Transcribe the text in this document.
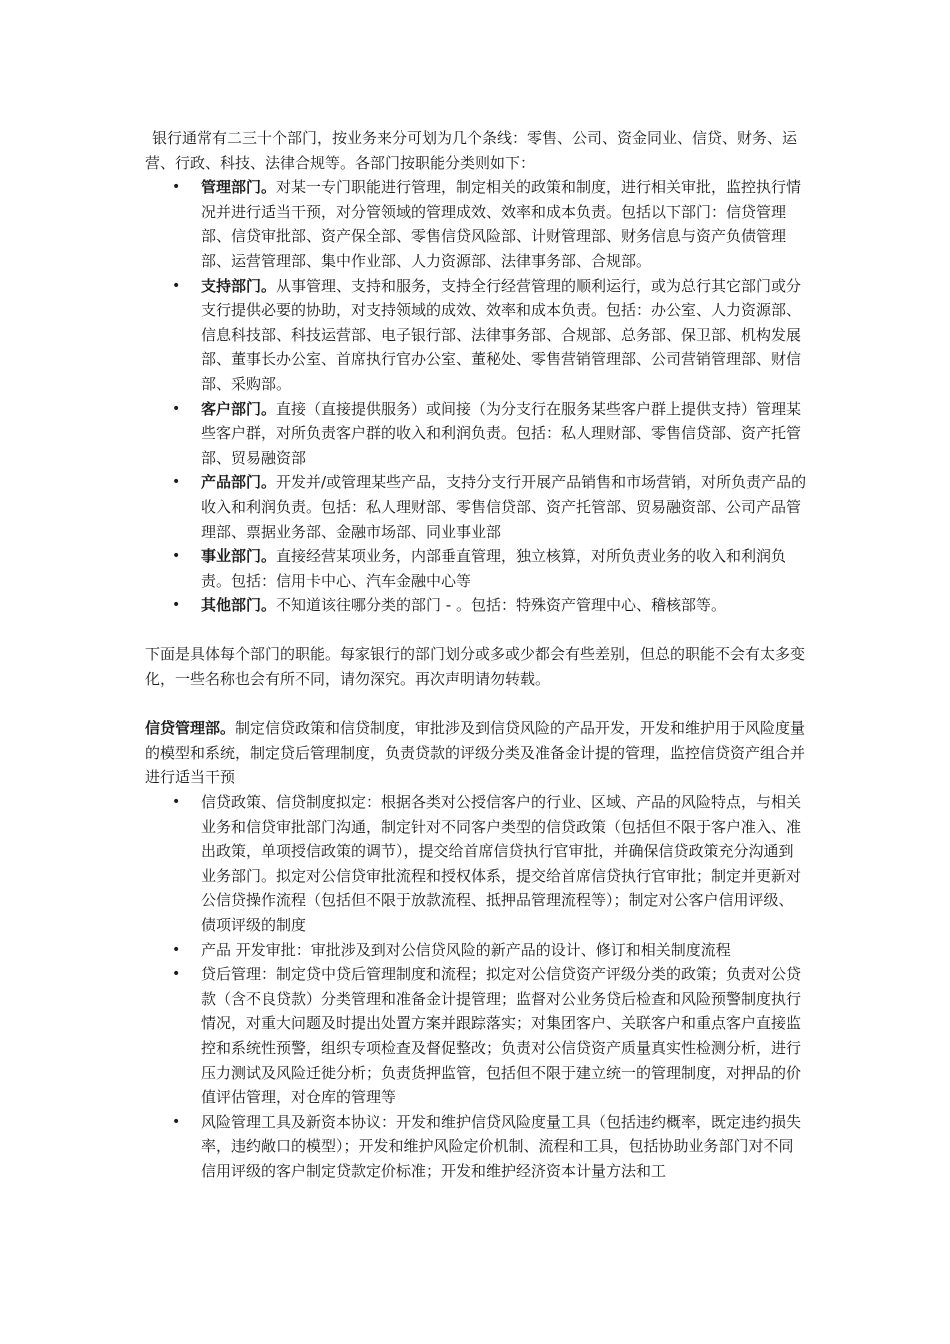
银行通常有二三十个部门，按业务来分可划为几个条线：零售、公司、资金同业、信贷、财务、运营、行政、科技、法律合规等。各部门按职能分类则如下：

• 管理部门。对某一专门职能进行管理，制定相关的政策和制度，进行相关审批，监控执行情况并进行适当干预，对分管领域的管理成效、效率和成本负责。包括以下部门：信贷管理部、信贷审批部、资产保全部、零售信贷风险部、计财管理部、财务信息与资产负债管理部、运营管理部、集中作业部、人力资源部、法律事务部、合规部。
• 支持部门。从事管理、支持和服务，支持全行经营管理的顺利运行，或为总行其它部门或分支行提供必要的协助，对支持领域的成效、效率和成本负责。包括：办公室、人力资源部、信息科技部、科技运营部、电子银行部、法律事务部、合规部、总务部、保卫部、机构发展部、董事长办公室、首席执行官办公室、董秘处、零售营销管理部、公司营销管理部、财信部、采购部。
• 客户部门。直接（直接提供服务）或间接（为分支行在服务某些客户群上提供支持）管理某些客户群，对所负责客户群的收入和利润负责。包括：私人理财部、零售信贷部、资产托管部、贸易融资部
• 产品部门。开发并/或管理某些产品，支持分支行开展产品销售和市场营销，对所负责产品的收入和利润负责。包括：私人理财部、零售信贷部、资产托管部、贸易融资部、公司产品管理部、票据业务部、金融市场部、同业事业部
• 事业部门。直接经营某项业务，内部垂直管理，独立核算，对所负责业务的收入和利润负责。包括：信用卡中心、汽车金融中心等
• 其他部门。不知道该往哪分类的部门 - 。包括：特殊资产管理中心、稽核部等。

下面是具体每个部门的职能。每家银行的部门划分或多或少都会有些差别，但总的职能不会有太多变化，一些名称也会有所不同，请勿深究。再次声明请勿转载。

信贷管理部。制定信贷政策和信贷制度，审批涉及到信贷风险的产品开发，开发和维护用于风险度量的模型和系统，制定贷后管理制度，负责贷款的评级分类及准备金计提的管理，监控信贷资产组合并进行适当干预

• 信贷政策、信贷制度拟定：根据各类对公授信客户的行业、区域、产品的风险特点，与相关业务和信贷审批部门沟通，制定针对不同客户类型的信贷政策（包括但不限于客户准入、准出政策，单项授信政策的调节），提交给首席信贷执行官审批，并确保信贷政策充分沟通到业务部门。拟定对公信贷审批流程和授权体系，提交给首席信贷执行官审批；制定并更新对公信贷操作流程（包括但不限于放款流程、抵押品管理流程等）；制定对公客户信用评级、债项评级的制度
• 产品 开发审批：审批涉及到对公信贷风险的新产品的设计、修订和相关制度流程
• 贷后管理：制定贷中贷后管理制度和流程；拟定对公信贷资产评级分类的政策；负责对公贷款（含不良贷款）分类管理和准备金计提管理；监督对公业务贷后检查和风险预警制度执行情况，对重大问题及时提出处置方案并跟踪落实；对集团客户、关联客户和重点客户直接监控和系统性预警，组织专项检查及督促整改；负责对公信贷资产质量真实性检测分析，进行压力测试及风险迁徙分析；负责货押监管，包括但不限于建立统一的管理制度，对押品的价值评估管理，对仓库的管理等
• 风险管理工具及新资本协议：开发和维护信贷风险度量工具（包括违约概率，既定违约损失率，违约敞口的模型）；开发和维护风险定价机制、流程和工具，包括协助业务部门对不同信用评级的客户制定贷款定价标准；开发和维护经济资本计量方法和工
